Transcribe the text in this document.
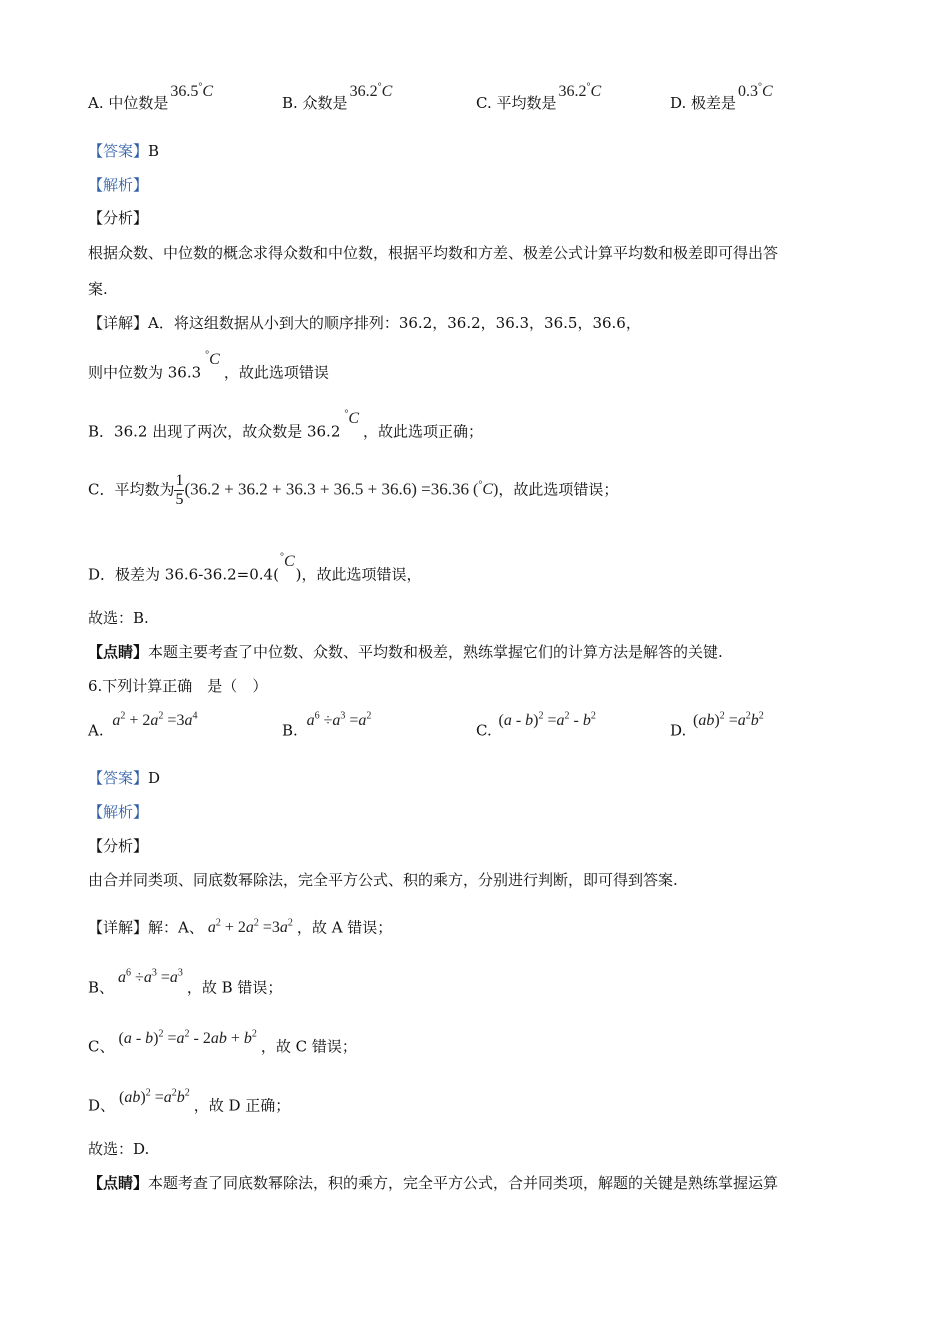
A. 中位数是36.5°C
B. 众数是36.2°C
C. 平均数是36.2°C
D. 极差是0.3°C
【答案】B
【解析】
【分析】
根据众数、中位数的概念求得众数和中位数，根据平均数和方差、极差公式计算平均数和极差即可得出答
案.
【详解】A．将这组数据从小到大的顺序排列：36.2，36.2，36.3，36.5，36.6，
则中位数为 36.3°C，故此选项错误
B．36.2 出现了两次，故众数是 36.2°C，故此选项正确；
C．平均数为 $\frac{1}{5} (36.2 + 36.2 + 36.3 + 36.5 + 36.6) =36.36$ (°C)，故此选项错误；
D．极差为 36.6-36.2=0.4(°C)，故此选项错误，
故选：B.
【点睛】本题主要考查了中位数、众数、平均数和极差，熟练掌握它们的计算方法是解答的关键.
6.下列计算正确　是（　）
A. $a^2 + 2a^2 =3a^4$
B. $a^6 \div a^3 =a^2$
C. $(a - b)^2 =a^2 - b^2$
D. $(ab)^2 =a^2b^2$
【答案】D
【解析】
【分析】
由合并同类项、同底数幂除法，完全平方公式、积的乘方，分别进行判断，即可得到答案.
【详解】解：A、 $a^2 + 2a^2 =3a^2$ ，故 A 错误；
B、$a^6 \div a^3 =a^3$，故 B 错误；
C、 $(a - b)^2 =a^2 - 2ab + b^2$，故 C 错误；
D、 $(ab)^2 =a^2b^2$，故 D 正确；
故选：D.
【点睛】本题考查了同底数幂除法，积的乘方，完全平方公式，合并同类项，解题的关键是熟练掌握运算
